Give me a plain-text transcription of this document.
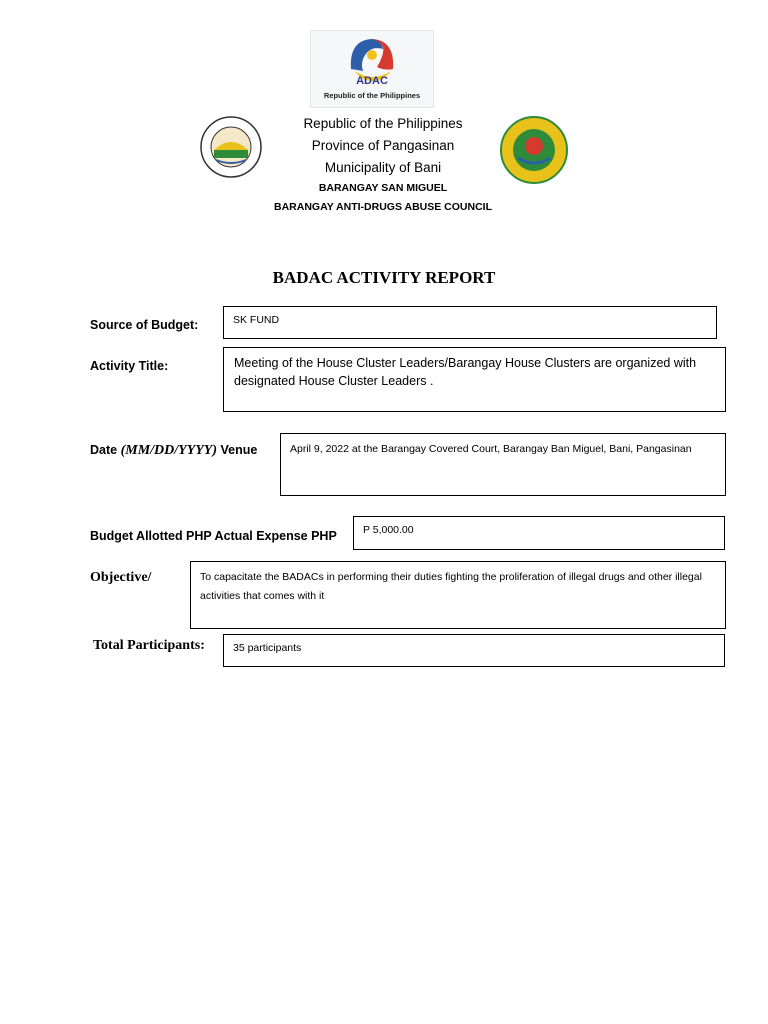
ADAC
Republic of the Philippines
Republic of the Philippines
Province of Pangasinan
Municipality of Bani
BARANGAY SAN MIGUEL
BARANGAY ANTI-DRUGS ABUSE COUNCIL
BADAC ACTIVITY REPORT
Source of Budget:	SK FUND
Activity Title:	Meeting of the House Cluster Leaders/Barangay House Clusters are organized with designated House Cluster Leaders .
Date (MM/DD/YYYY) Venue	April 9, 2022 at the Barangay Covered Court, Barangay Ban Miguel, Bani, Pangasinan
Budget Allotted PHP Actual Expense PHP	P 5,000.00
Objective/	To capacitate the BADACs in performing their duties fighting the proliferation of illegal drugs and other illegal activities that comes with it
Total Participants:	35 participants
